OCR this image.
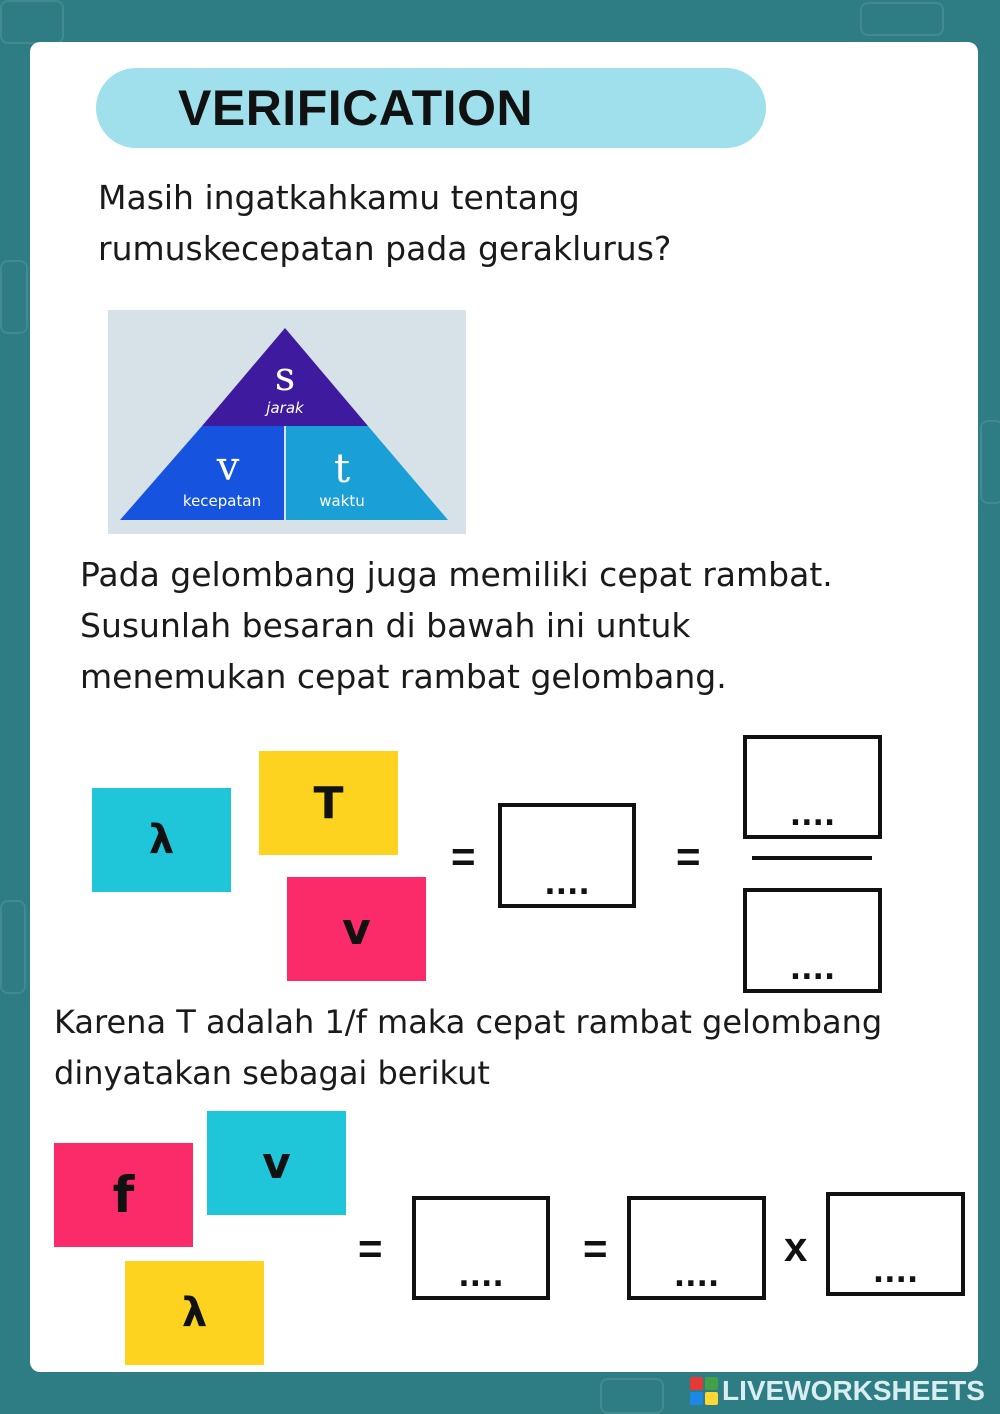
VERIFICATION
Masih ingatkahkamu tentang
rumuskecepatan pada geraklurus?
s
jarak
v
kecepatan
t
waktu
Pada gelombang juga memiliki cepat rambat.
Susunlah besaran di bawah ini untuk
menemukan cepat rambat gelombang.
λ
T
v
=
....
=
....
....
Karena T adalah 1/f maka cepat rambat gelombang
dinyatakan sebagai berikut
f
v
λ
=
....
=
....
x
....
LIVEWORKSHEETS
